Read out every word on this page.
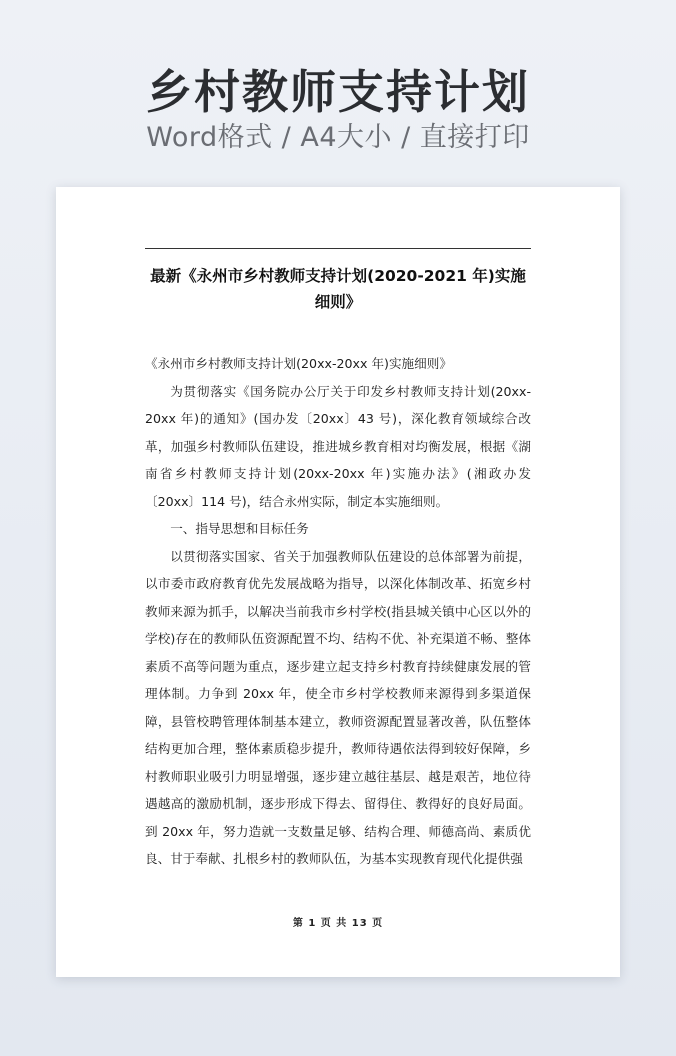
乡村教师支持计划
Word格式 / A4大小 / 直接打印
最新《永州市乡村教师支持计划(2020-2021 年)实施细则》

《永州市乡村教师支持计划(20xx-20xx 年)实施细则》

为贯彻落实《国务院办公厅关于印发乡村教师支持计划(20xx-20xx 年)的通知》(国办发〔20xx〕43 号)，深化教育领域综合改革，加强乡村教师队伍建设，推进城乡教育相对均衡发展，根据《湖南省乡村教师支持计划(20xx-20xx 年)实施办法》(湘政办发〔20xx〕114 号)，结合永州实际，制定本实施细则。

一、指导思想和目标任务

以贯彻落实国家、省关于加强教师队伍建设的总体部署为前提，以市委市政府教育优先发展战略为指导，以深化体制改革、拓宽乡村教师来源为抓手，以解决当前我市乡村学校(指县城关镇中心区以外的学校)存在的教师队伍资源配置不均、结构不优、补充渠道不畅、整体素质不高等问题为重点，逐步建立起支持乡村教育持续健康发展的管理体制。力争到 20xx 年，使全市乡村学校教师来源得到多渠道保障，县管校聘管理体制基本建立，教师资源配置显著改善，队伍整体结构更加合理，整体素质稳步提升，教师待遇依法得到较好保障，乡村教师职业吸引力明显增强，逐步建立越往基层、越是艰苦，地位待遇越高的激励机制，逐步形成下得去、留得住、教得好的良好局面。到 20xx 年，努力造就一支数量足够、结构合理、师德高尚、素质优良、甘于奉献、扎根乡村的教师队伍，为基本实现教育现代化提供强

第 1 页 共 13 页
